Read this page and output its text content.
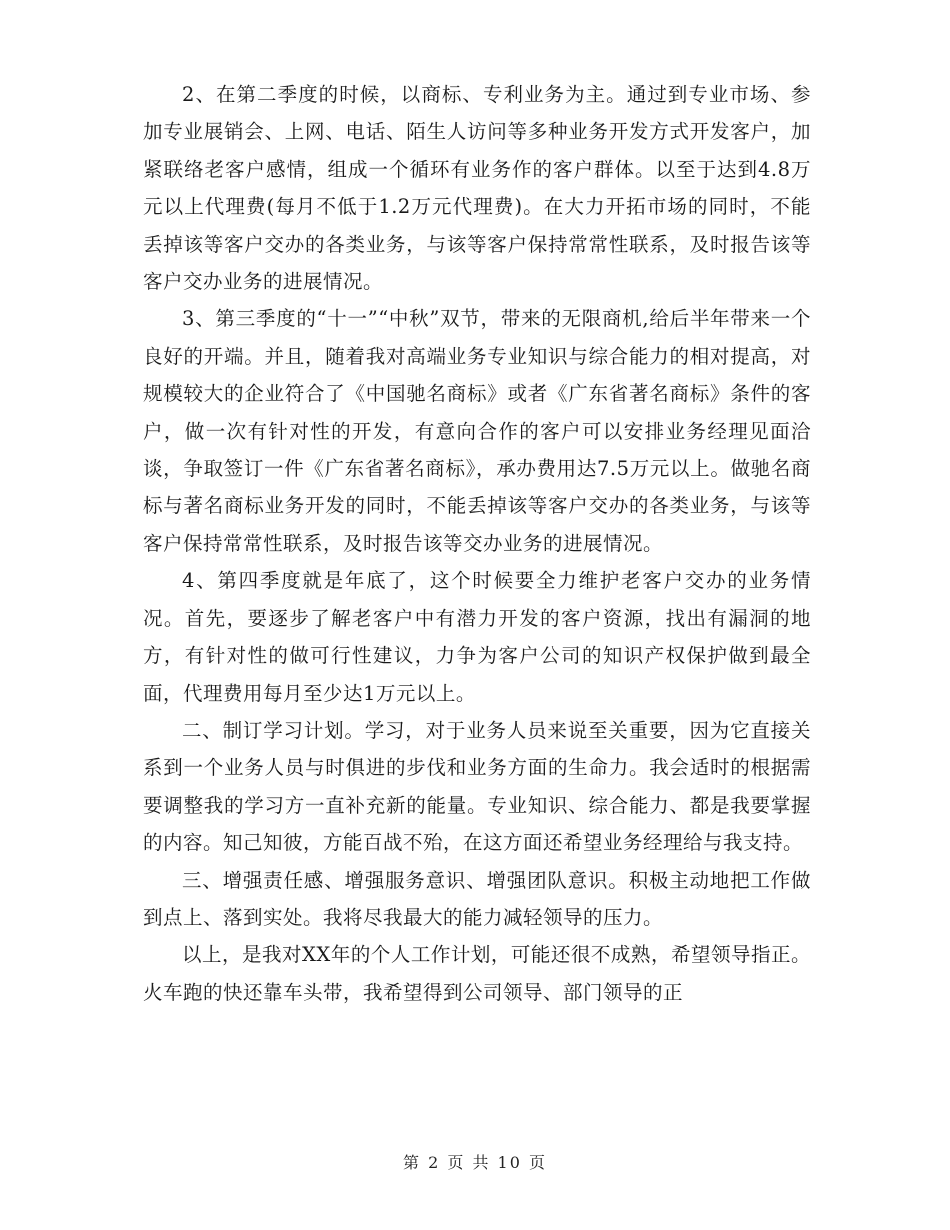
2、在第二季度的时候，以商标、专利业务为主。通过到专业市场、参加专业展销会、上网、电话、陌生人访问等多种业务开发方式开发客户，加紧联络老客户感情，组成一个循环有业务作的客户群体。以至于达到4.8万元以上代理费(每月不低于1.2万元代理费)。在大力开拓市场的同时，不能丢掉该等客户交办的各类业务，与该等客户保持常常性联系，及时报告该等客户交办业务的进展情况。

3、第三季度的“十一”“中秋”双节，带来的无限商机,给后半年带来一个良好的开端。并且，随着我对高端业务专业知识与综合能力的相对提高，对规模较大的企业符合了《中国驰名商标》或者《广东省著名商标》条件的客户，做一次有针对性的开发，有意向合作的客户可以安排业务经理见面洽谈，争取签订一件《广东省著名商标》，承办费用达7.5万元以上。做驰名商标与著名商标业务开发的同时，不能丢掉该等客户交办的各类业务，与该等客户保持常常性联系，及时报告该等交办业务的进展情况。

4、第四季度就是年底了，这个时候要全力维护老客户交办的业务情况。首先，要逐步了解老客户中有潜力开发的客户资源，找出有漏洞的地方，有针对性的做可行性建议，力争为客户公司的知识产权保护做到最全面，代理费用每月至少达1万元以上。

二、制订学习计划。学习，对于业务人员来说至关重要，因为它直接关系到一个业务人员与时俱进的步伐和业务方面的生命力。我会适时的根据需要调整我的学习方一直补充新的能量。专业知识、综合能力、都是我要掌握的内容。知己知彼，方能百战不殆，在这方面还希望业务经理给与我支持。

三、增强责任感、增强服务意识、增强团队意识。积极主动地把工作做到点上、落到实处。我将尽我最大的能力减轻领导的压力。

以上，是我对XX年的个人工作计划，可能还很不成熟，希望领导指正。火车跑的快还靠车头带，我希望得到公司领导、部门领导的正

第 2 页 共 10 页
